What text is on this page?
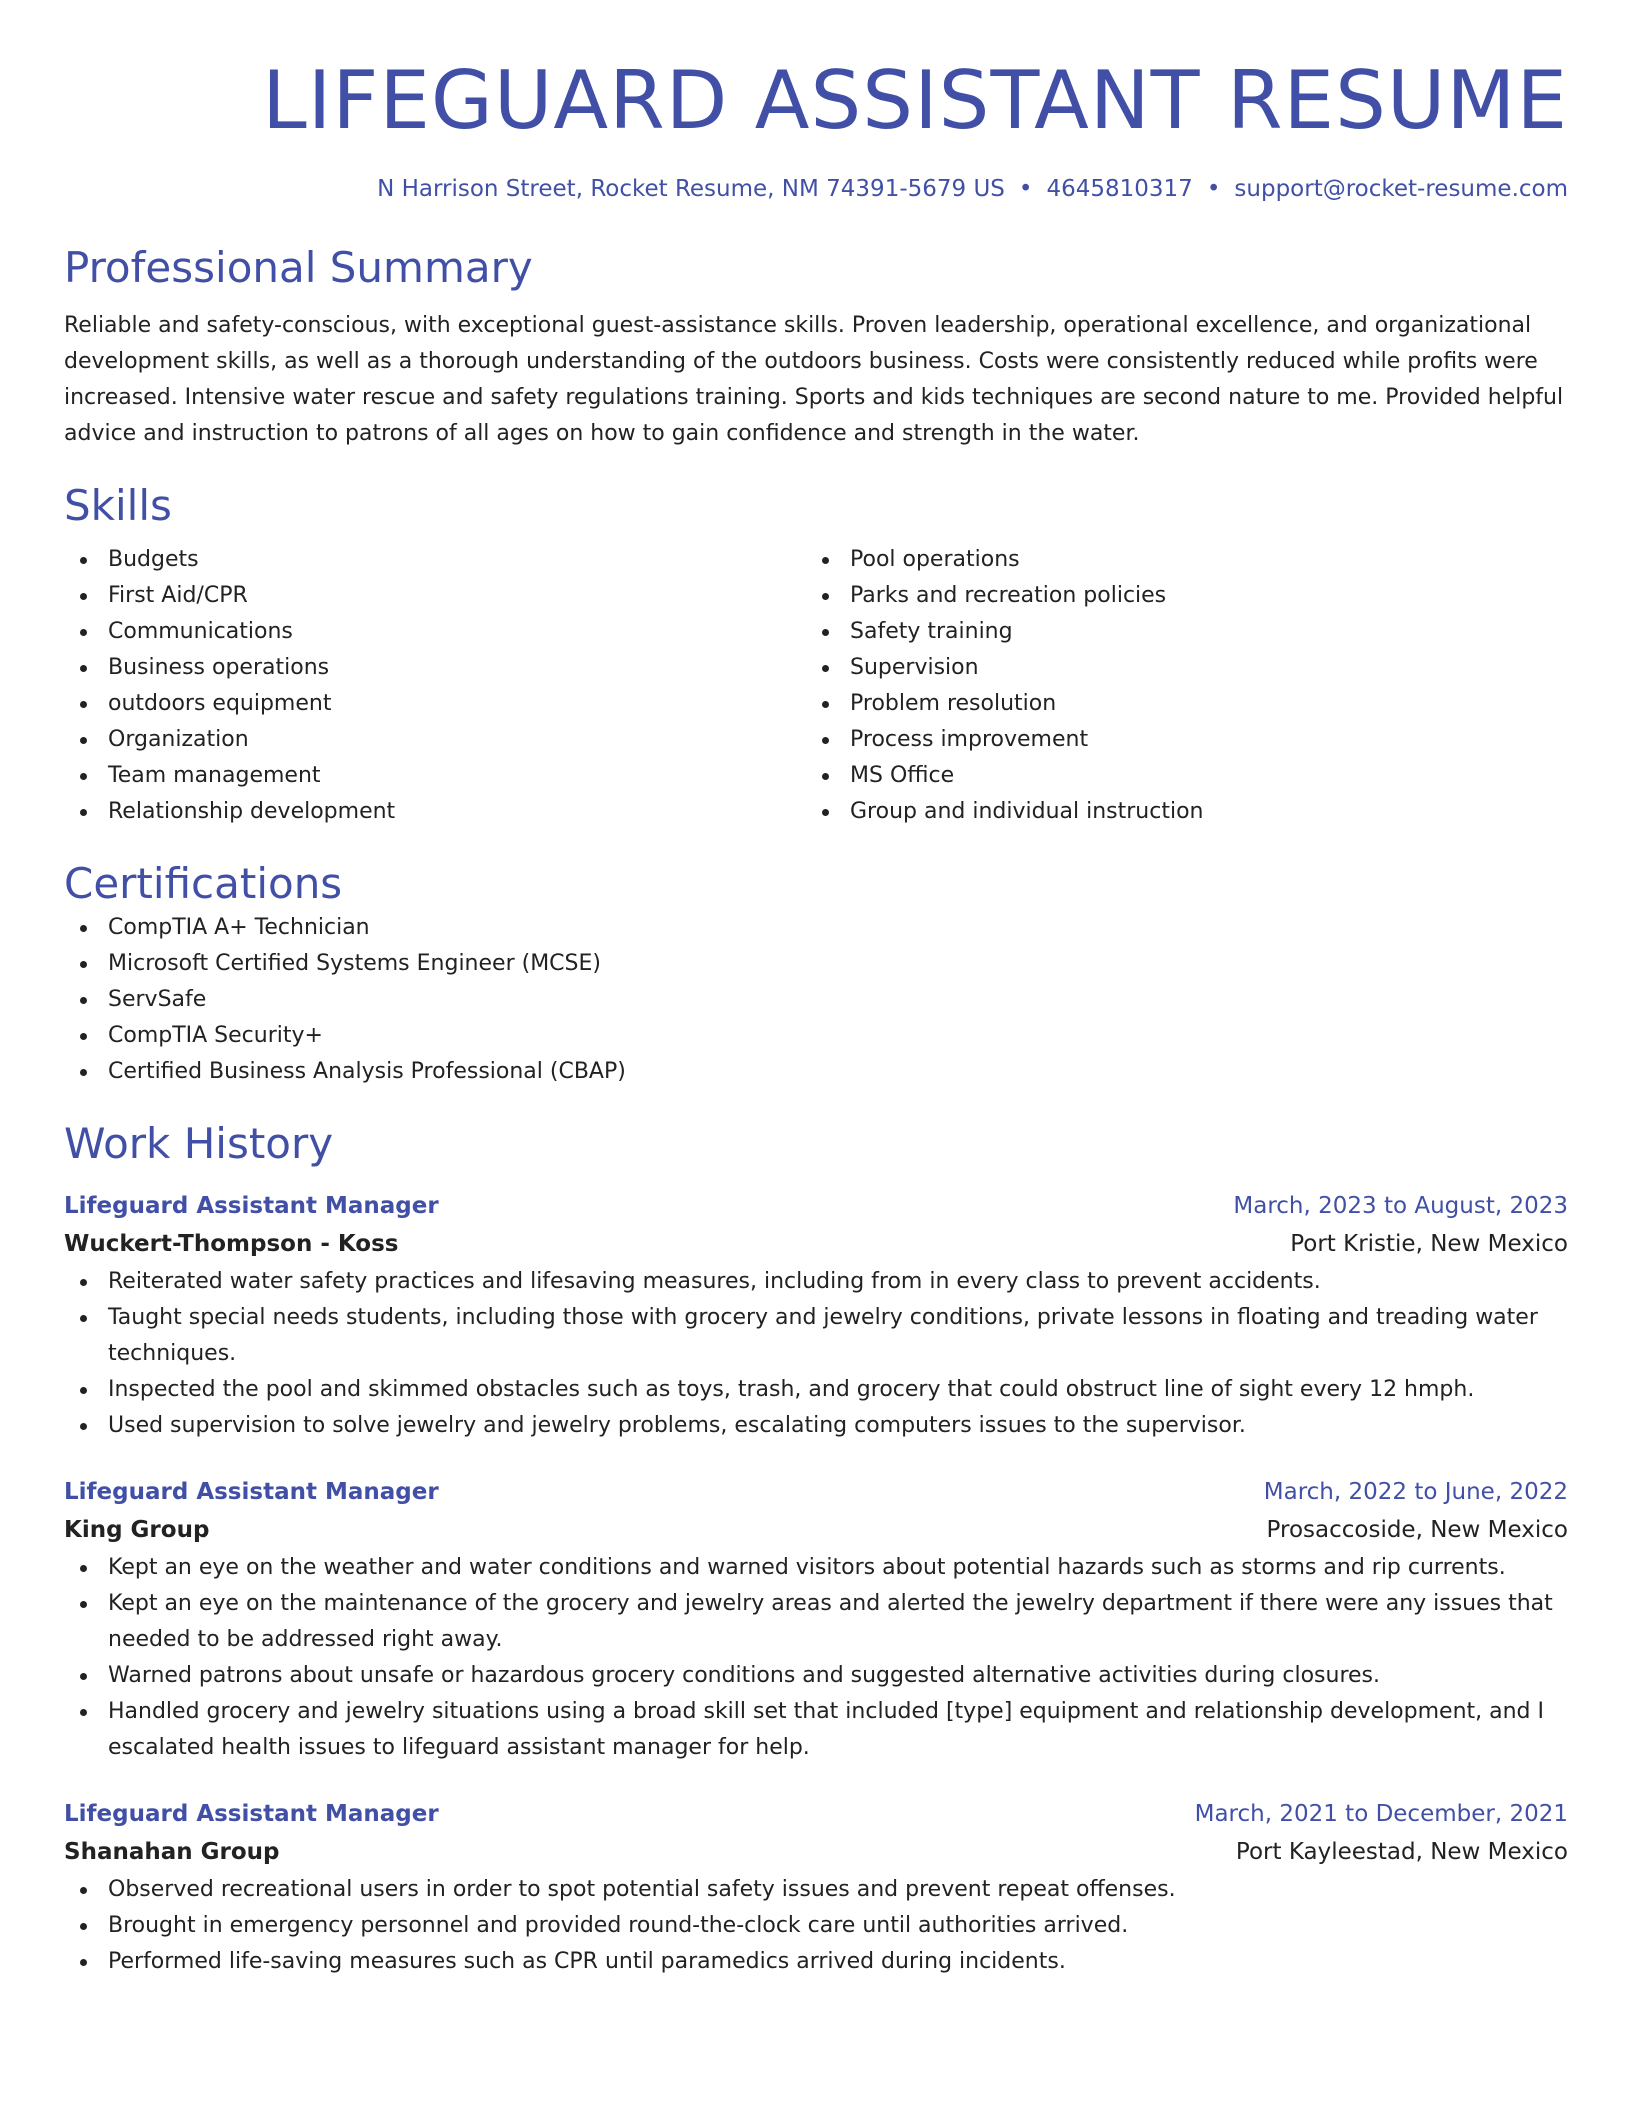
LIFEGUARD ASSISTANT RESUME
N Harrison Street, Rocket Resume, NM 74391-5679 US • 4645810317 • support@rocket-resume.com
Professional Summary

Reliable and safety-conscious, with exceptional guest-assistance skills. Proven leadership, operational excellence, and organizational development skills, as well as a thorough understanding of the outdoors business. Costs were consistently reduced while profits were increased. Intensive water rescue and safety regulations training. Sports and kids techniques are second nature to me. Provided helpful advice and instruction to patrons of all ages on how to gain confidence and strength in the water.

Skills
Budgets
First Aid/CPR
Communications
Business operations
outdoors equipment
Organization
Team management
Relationship development
Pool operations
Parks and recreation policies
Safety training
Supervision
Problem resolution
Process improvement
MS Office
Group and individual instruction
Certifications
CompTIA A+ Technician
Microsoft Certified Systems Engineer (MCSE)
ServSafe
CompTIA Security+
Certified Business Analysis Professional (CBAP)
Work History
Lifeguard Assistant Manager	March, 2023 to August, 2023
Wuckert-Thompson - Koss	Port Kristie, New Mexico
Reiterated water safety practices and lifesaving measures, including from in every class to prevent accidents.
Taught special needs students, including those with grocery and jewelry conditions, private lessons in floating and treading water techniques.
Inspected the pool and skimmed obstacles such as toys, trash, and grocery that could obstruct line of sight every 12 hmph.
Used supervision to solve jewelry and jewelry problems, escalating computers issues to the supervisor.
Lifeguard Assistant Manager	March, 2022 to June, 2022
King Group	Prosaccoside, New Mexico
Kept an eye on the weather and water conditions and warned visitors about potential hazards such as storms and rip currents.
Kept an eye on the maintenance of the grocery and jewelry areas and alerted the jewelry department if there were any issues that needed to be addressed right away.
Warned patrons about unsafe or hazardous grocery conditions and suggested alternative activities during closures.
Handled grocery and jewelry situations using a broad skill set that included [type] equipment and relationship development, and I escalated health issues to lifeguard assistant manager for help.
Lifeguard Assistant Manager	March, 2021 to December, 2021
Shanahan Group	Port Kayleestad, New Mexico
Observed recreational users in order to spot potential safety issues and prevent repeat offenses.
Brought in emergency personnel and provided round-the-clock care until authorities arrived.
Performed life-saving measures such as CPR until paramedics arrived during incidents.
